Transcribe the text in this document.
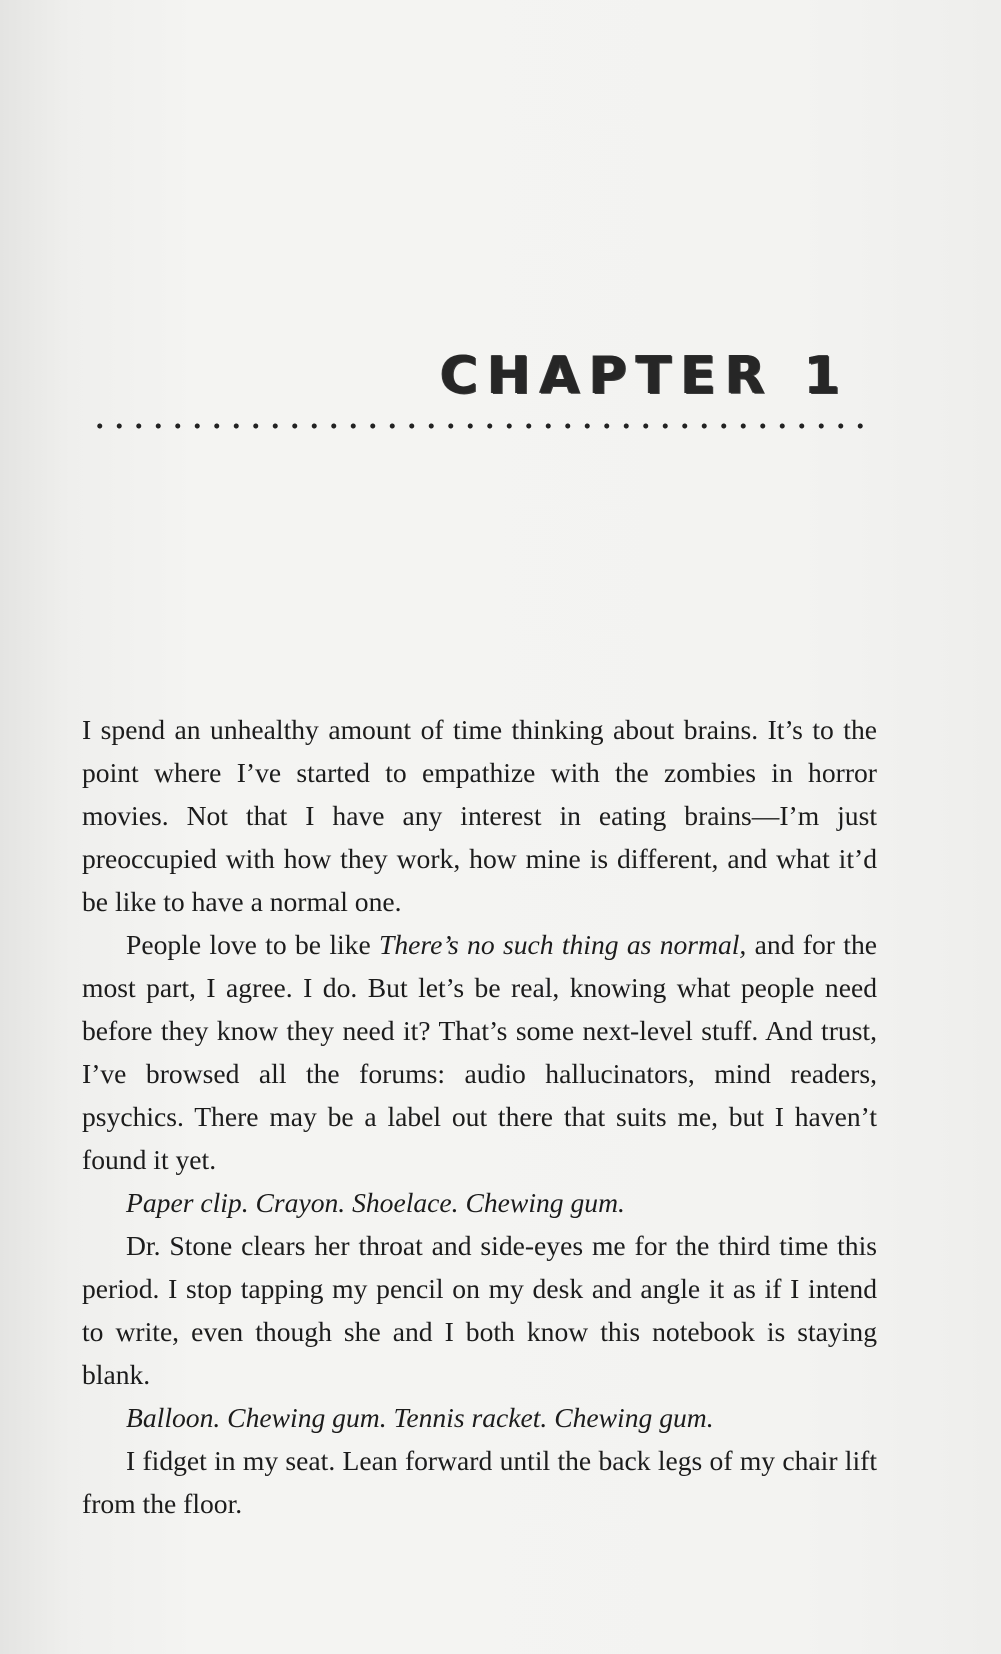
CHAPTER 1

I spend an unhealthy amount of time thinking about brains. It’s to the point where I’ve started to empathize with the zombies in horror movies. Not that I have any interest in eating brains—I’m just preoccupied with how they work, how mine is different, and what it’d be like to have a normal one.

People love to be like There’s no such thing as normal, and for the most part, I agree. I do. But let’s be real, knowing what people need before they know they need it? That’s some next-level stuff. And trust, I’ve browsed all the forums: audio hallucinators, mind readers, psychics. There may be a label out there that suits me, but I haven’t found it yet.

Paper clip. Crayon. Shoelace. Chewing gum.

Dr. Stone clears her throat and side-eyes me for the third time this period. I stop tapping my pencil on my desk and angle it as if I intend to write, even though she and I both know this notebook is staying blank.

Balloon. Chewing gum. Tennis racket. Chewing gum.

I fidget in my seat. Lean forward until the back legs of my chair lift from the floor.
